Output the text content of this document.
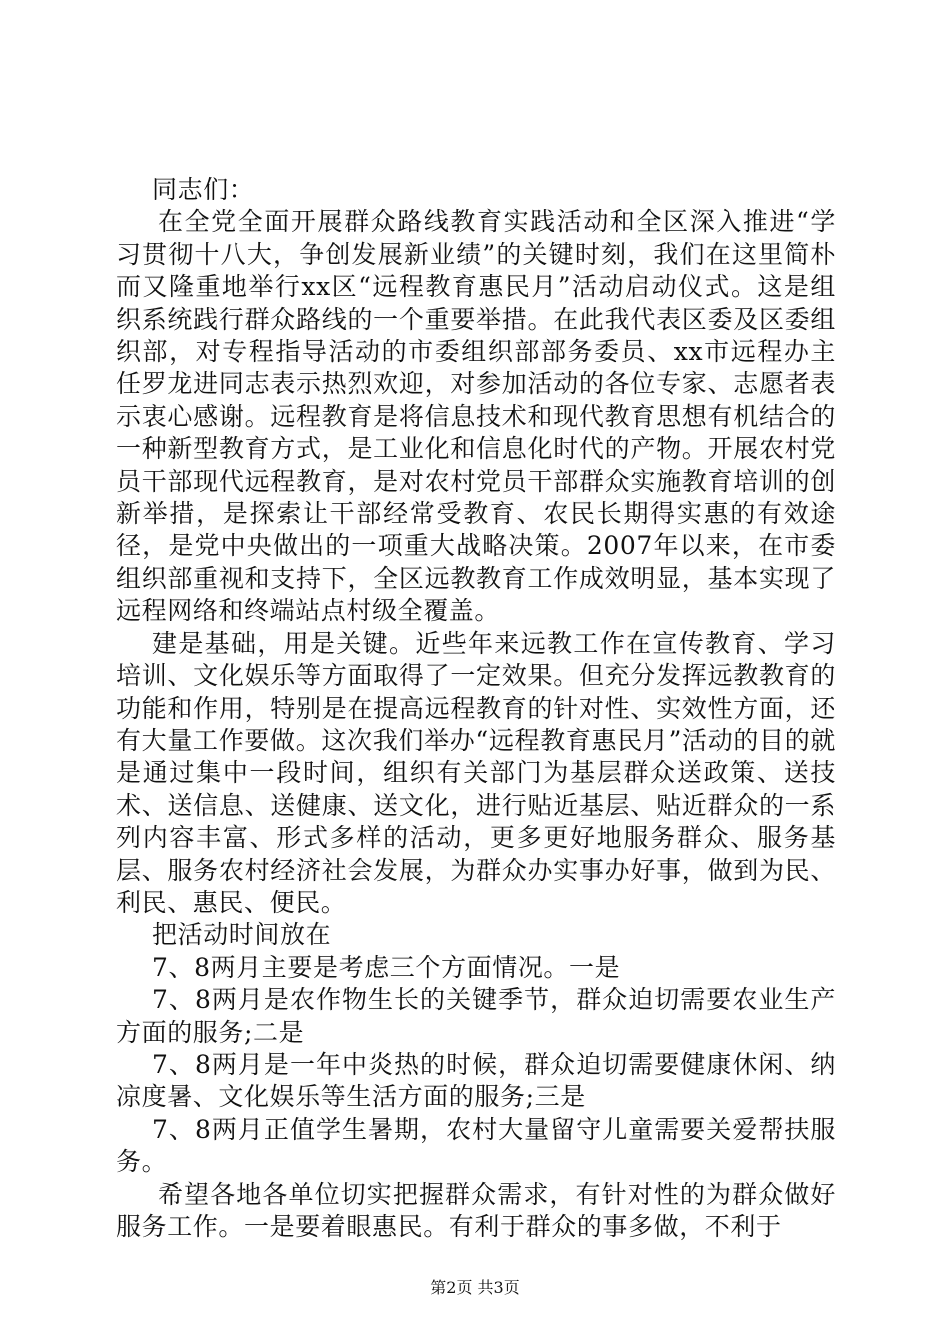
同志们：

在全党全面开展群众路线教育实践活动和全区深入推进“学习贯彻十八大，争创发展新业绩”的关键时刻，我们在这里简朴而又隆重地举行xx区“远程教育惠民月”活动启动仪式。这是组织系统践行群众路线的一个重要举措。在此我代表区委及区委组织部，对专程指导活动的市委组织部部务委员、xx市远程办主任罗龙进同志表示热烈欢迎，对参加活动的各位专家、志愿者表示衷心感谢。远程教育是将信息技术和现代教育思想有机结合的一种新型教育方式，是工业化和信息化时代的产物。开展农村党员干部现代远程教育，是对农村党员干部群众实施教育培训的创新举措，是探索让干部经常受教育、农民长期得实惠的有效途径，是党中央做出的一项重大战略决策。2007年以来，在市委组织部重视和支持下，全区远教教育工作成效明显，基本实现了远程网络和终端站点村级全覆盖。

建是基础，用是关键。近些年来远教工作在宣传教育、学习培训、文化娱乐等方面取得了一定效果。但充分发挥远教教育的功能和作用，特别是在提高远程教育的针对性、实效性方面，还有大量工作要做。这次我们举办“远程教育惠民月”活动的目的就是通过集中一段时间，组织有关部门为基层群众送政策、送技术、送信息、送健康、送文化，进行贴近基层、贴近群众的一系列内容丰富、形式多样的活动，更多更好地服务群众、服务基层、服务农村经济社会发展，为群众办实事办好事，做到为民、利民、惠民、便民。

把活动时间放在

7、8两月主要是考虑三个方面情况。一是

7、8两月是农作物生长的关键季节，群众迫切需要农业生产方面的服务;二是

7、8两月是一年中炎热的时候，群众迫切需要健康休闲、纳凉度暑、文化娱乐等生活方面的服务;三是

7、8两月正值学生暑期，农村大量留守儿童需要关爱帮扶服务。

希望各地各单位切实把握群众需求，有针对性的为群众做好服务工作。一是要着眼惠民。有利于群众的事多做，不利于

第2页 共3页
